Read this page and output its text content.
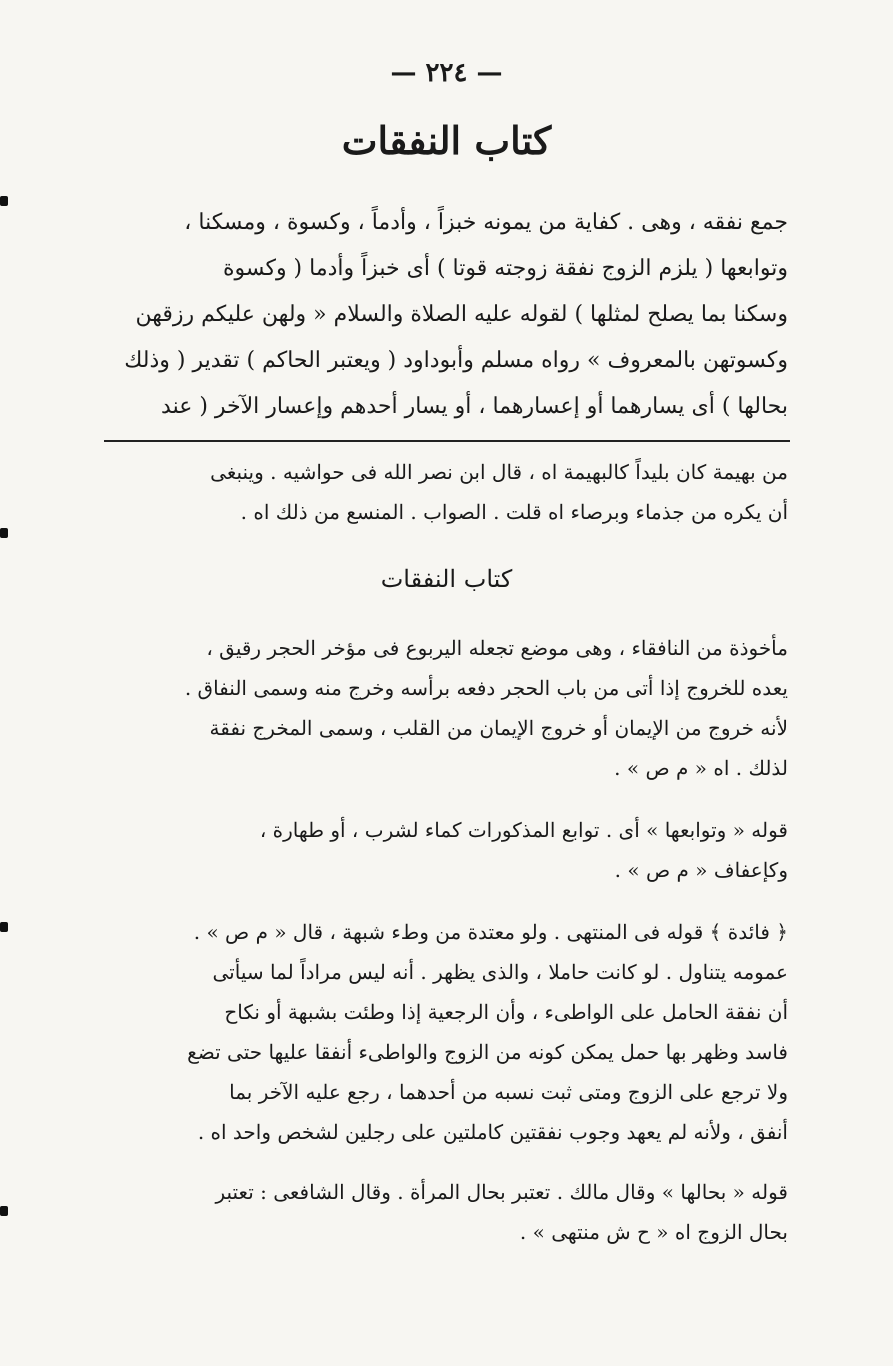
— ٢٢٤ —
كتاب النفقات
جمع نفقه ، وهى . كفاية من يمونه خبزاً ، وأدماً ، وكسوة ، ومسكنا ،
وتوابعها ( يلزم الزوج نفقة زوجته قوتا ) أى خبزاً وأدما ( وكسوة
وسكنا بما يصلح لمثلها ) لقوله عليه الصلاة والسلام « ولهن عليكم رزقهن
وكسوتهن بالمعروف » رواه مسلم وأبوداود ( ويعتبر الحاكم ) تقدير ( وذلك
بحالها ) أى يسارهما أو إعسارهما ، أو يسار أحدهم وإعسار الآخر ( عند
من بهيمة كان بليداً كالبهيمة اه ، قال ابن نصر الله فى حواشيه . وينبغى
أن يكره من جذماء وبرصاء اه قلت . الصواب . المنسع من ذلك اه .
كتاب النفقات
مأخوذة من النافقاء ، وهى موضع تجعله اليربوع فى مؤخر الحجر رقيق ،
يعده للخروج إذا أتى من باب الحجر دفعه برأسه وخرج منه وسمى النفاق .
لأنه خروج من الإيمان أو خروج الإيمان من القلب ، وسمى المخرج نفقة
لذلك . اه « م ص » .
قوله « وتوابعها » أى . توابع المذكورات كماء لشرب ، أو طهارة ،
وكإعفاف « م ص » .
﴿ فائدة ﴾ قوله فى المنتهى . ولو معتدة من وطء شبهة ، قال « م ص » .
عمومه يتناول . لو كانت حاملا ، والذى يظهر . أنه ليس مراداً لما سيأتى
أن نفقة الحامل على الواطىء ، وأن الرجعية إذا وطئت بشبهة أو نكاح
فاسد وظهر بها حمل يمكن كونه من الزوج والواطىء أنفقا عليها حتى تضع
ولا ترجع على الزوج ومتى ثبت نسبه من أحدهما ، رجع عليه الآخر بما
أنفق ، ولأنه لم يعهد وجوب نفقتين كاملتين على رجلين لشخص واحد اه .
قوله « بحالها » وقال مالك . تعتبر بحال المرأة . وقال الشافعى : تعتبر
بحال الزوج اه « ح ش منتهى » .
